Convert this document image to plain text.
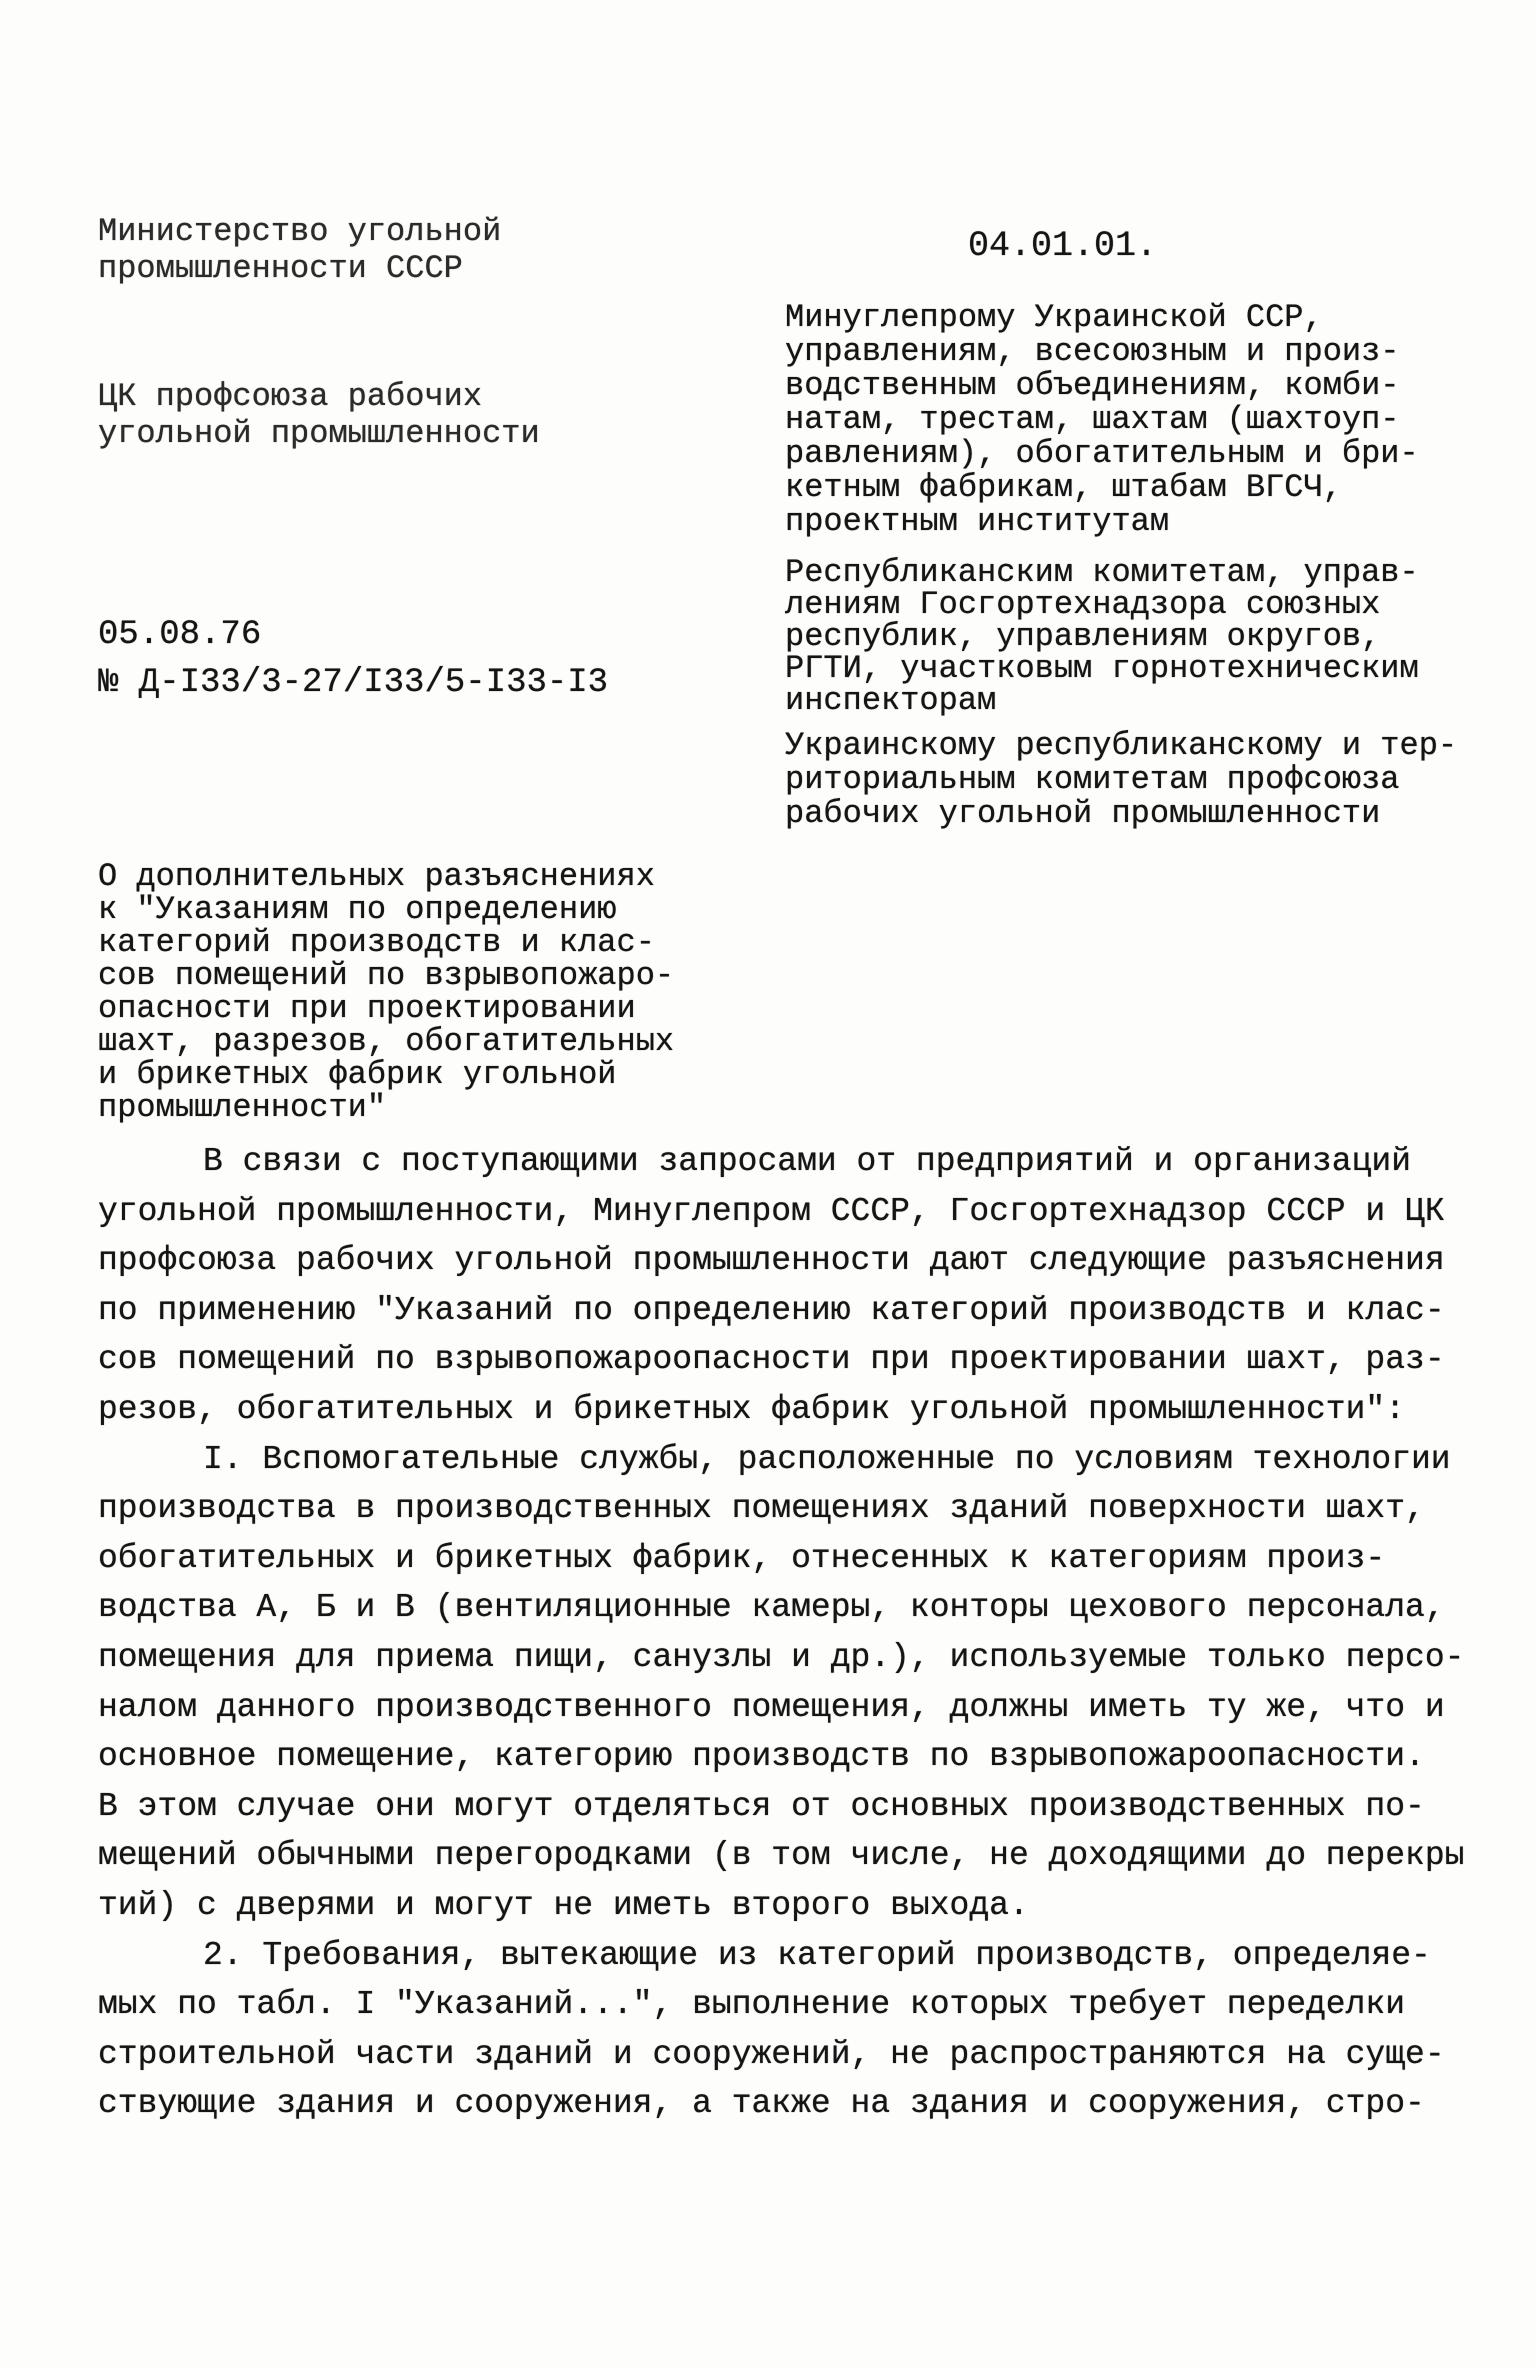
Министерство угольной
промышленности СССР
ЦК профсоюза рабочих
угольной промышленности
04.01.01.
Минуглепрому Украинской ССР,
управлениям, всесоюзным и произ-
водственным объединениям, комби-
натам, трестам, шахтам (шахтоуп-
равлениям), обогатительным и бри-
кетным фабрикам, штабам ВГСЧ,
проектным институтам
Республиканским комитетам, управ-
лениям Госгортехнадзора союзных
республик, управлениям округов,
РГТИ, участковым горнотехническим
инспекторам
Украинскому республиканскому и тер-
риториальным комитетам профсоюза
рабочих угольной промышленности
05.08.76
№ Д-I33/3-27/I33/5-I33-I3
О дополнительных разъяснениях
к "Указаниям по определению
категорий производств и клас-
сов помещений по взрывопожаро-
опасности при проектировании
шахт, разрезов, обогатительных
и брикетных фабрик угольной
промышленности"
В связи с поступающими запросами от предприятий и организаций
угольной промышленности, Минуглепром СССР, Госгортехнадзор СССР и ЦК
профсоюза рабочих угольной промышленности дают следующие разъяснения
по применению "Указаний по определению категорий производств и клас-
сов помещений по взрывопожароопасности при проектировании шахт, раз-
резов, обогатительных и брикетных фабрик угольной промышленности":
I. Вспомогательные службы, расположенные по условиям технологии
производства в производственных помещениях зданий поверхности шахт,
обогатительных и брикетных фабрик, отнесенных к категориям произ-
водства А, Б и В (вентиляционные камеры, конторы цехового персонала,
помещения для приема пищи, санузлы и др.), используемые только персо-
налом данного производственного помещения, должны иметь ту же, что и
основное помещение, категорию производств по взрывопожароопасности.
В этом случае они могут отделяться от основных производственных по-
мещений обычными перегородками (в том числе, не доходящими до перекры
тий) с дверями и могут не иметь второго выхода.
2. Требования, вытекающие из категорий производств, определяе-
мых по табл. I "Указаний...", выполнение которых требует переделки
строительной части зданий и сооружений, не распространяются на суще-
ствующие здания и сооружения, а также на здания и сооружения, стро-
